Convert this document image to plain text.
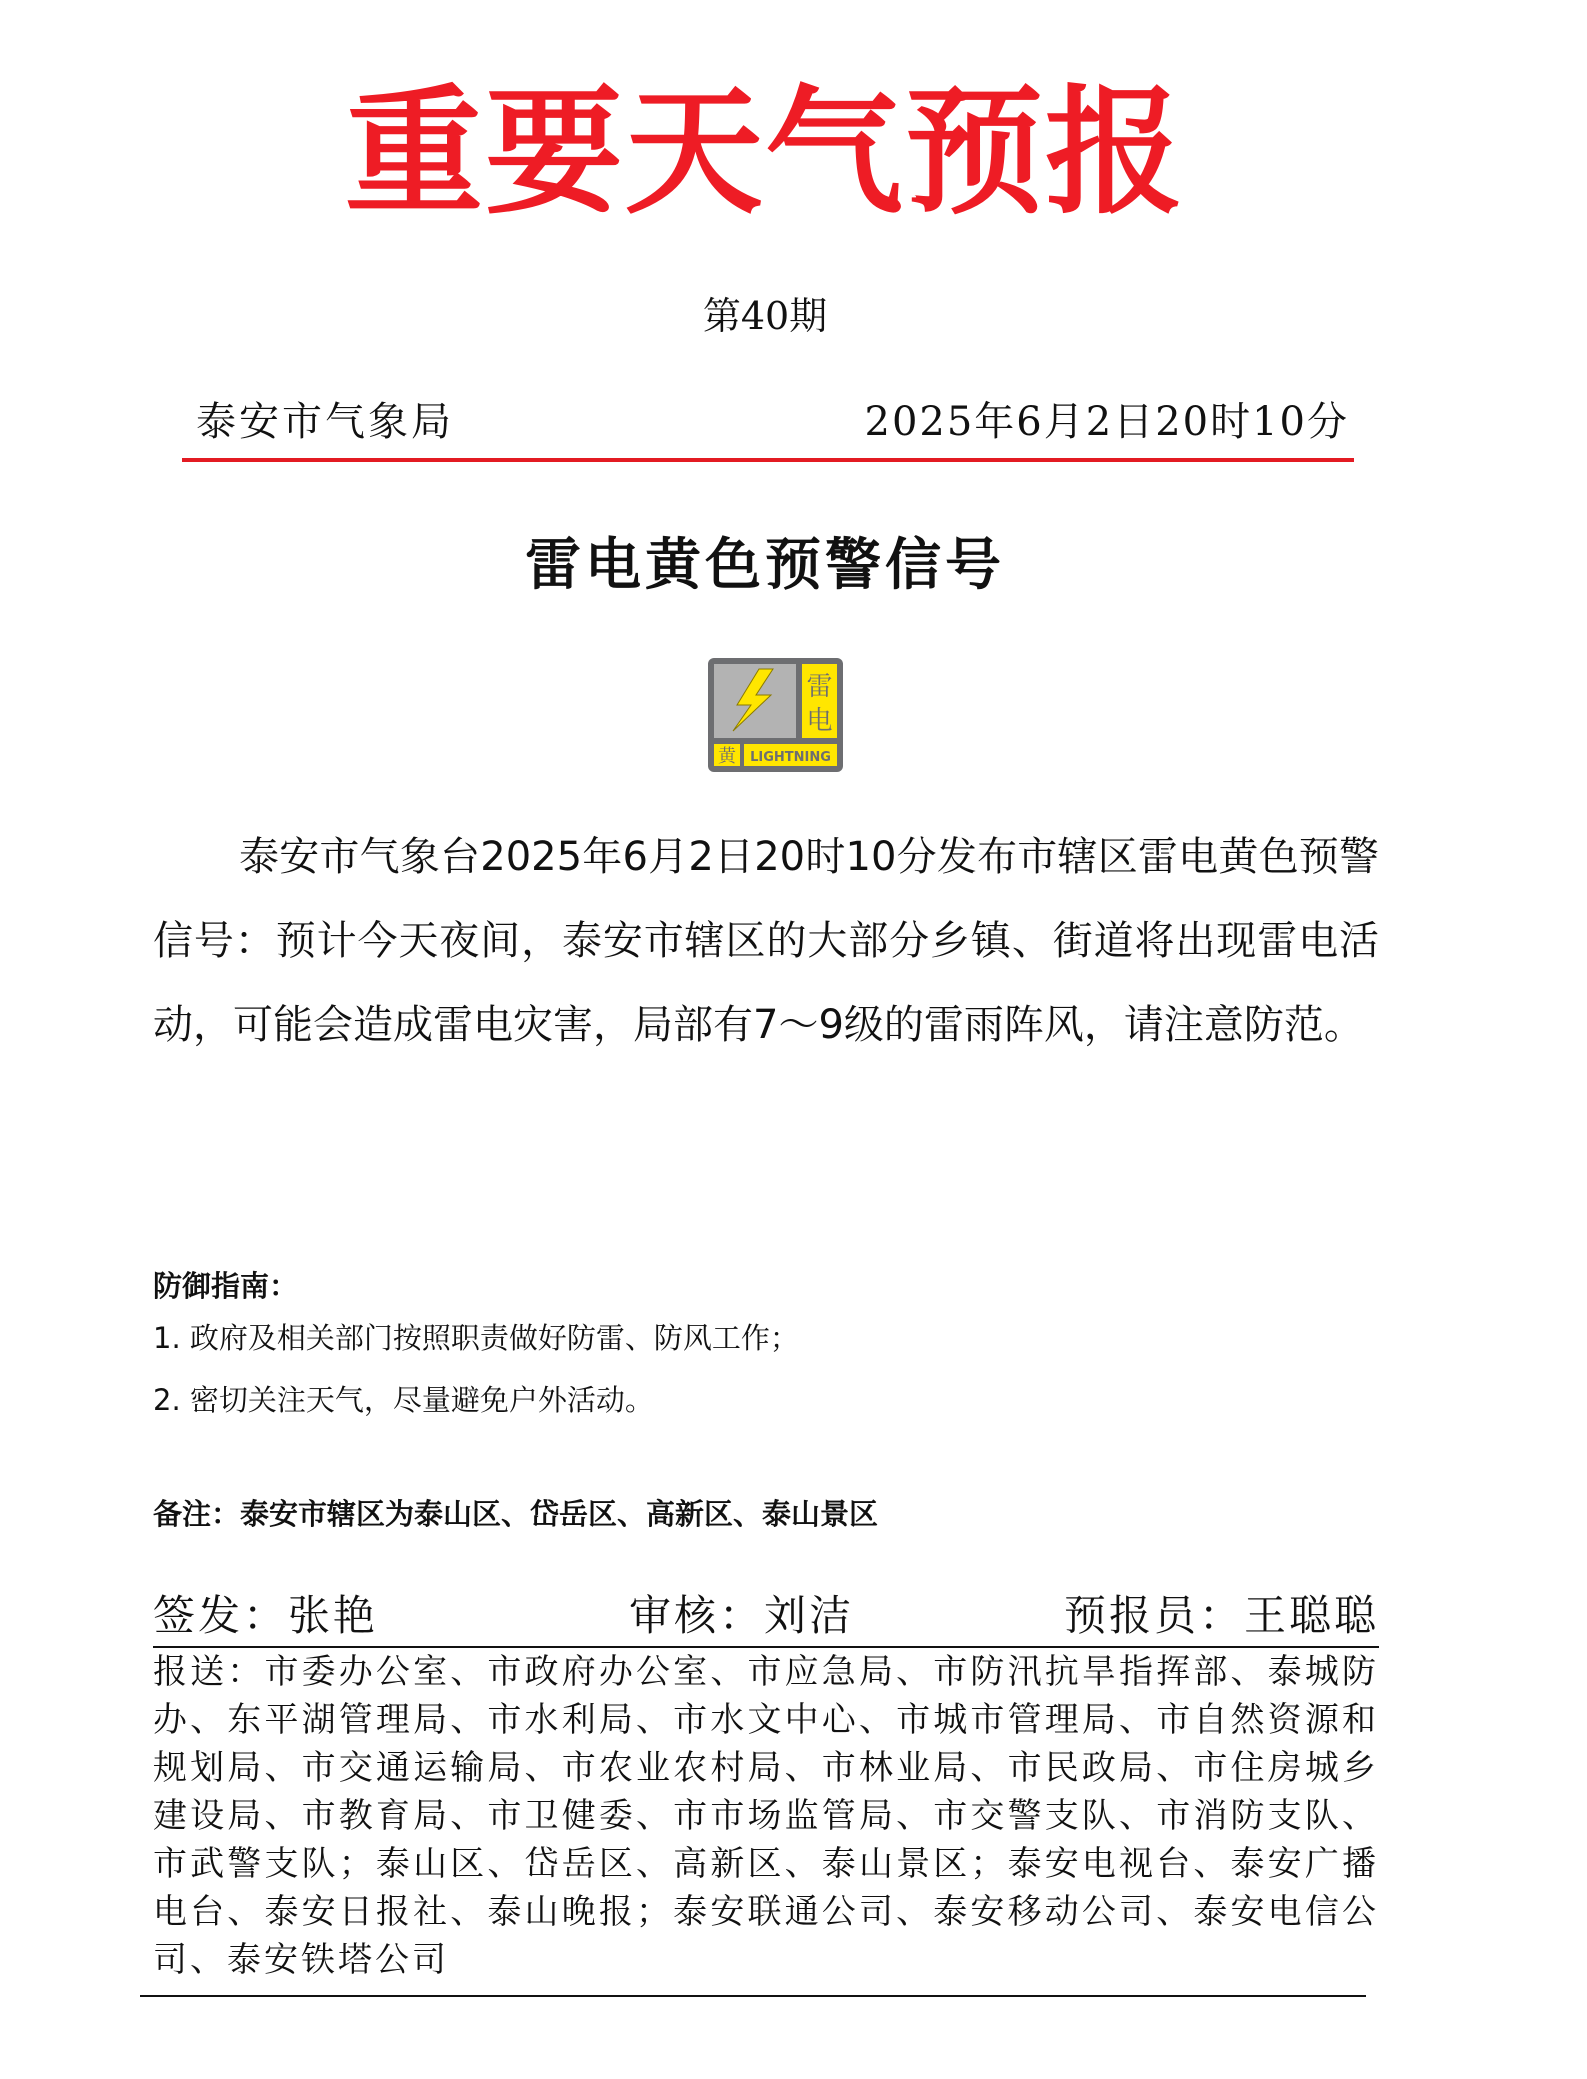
重要天气预报
第40期
泰安市气象局	2025年6月2日20时10分
雷电黄色预警信号
雷
电
黄 LIGHTNING

泰安市气象台2025年6月2日20时10分发布市辖区雷电黄色预警信号：预计今天夜间，泰安市辖区的大部分乡镇、街道将出现雷电活动，可能会造成雷电灾害，局部有7～9级的雷雨阵风，请注意防范。

防御指南：
1. 政府及相关部门按照职责做好防雷、防风工作；
2. 密切关注天气，尽量避免户外活动。
备注：泰安市辖区为泰山区、岱岳区、高新区、泰山景区
签发：张艳	审核：刘洁	预报员：王聪聪

报送：市委办公室、市政府办公室、市应急局、市防汛抗旱指挥部、泰城防办、东平湖管理局、市水利局、市水文中心、市城市管理局、市自然资源和规划局、市交通运输局、市农业农村局、市林业局、市民政局、市住房城乡建设局、市教育局、市卫健委、市市场监管局、市交警支队、市消防支队、市武警支队；泰山区、岱岳区、高新区、泰山景区；泰安电视台、泰安广播电台、泰安日报社、泰山晚报；泰安联通公司、泰安移动公司、泰安电信公司、泰安铁塔公司
